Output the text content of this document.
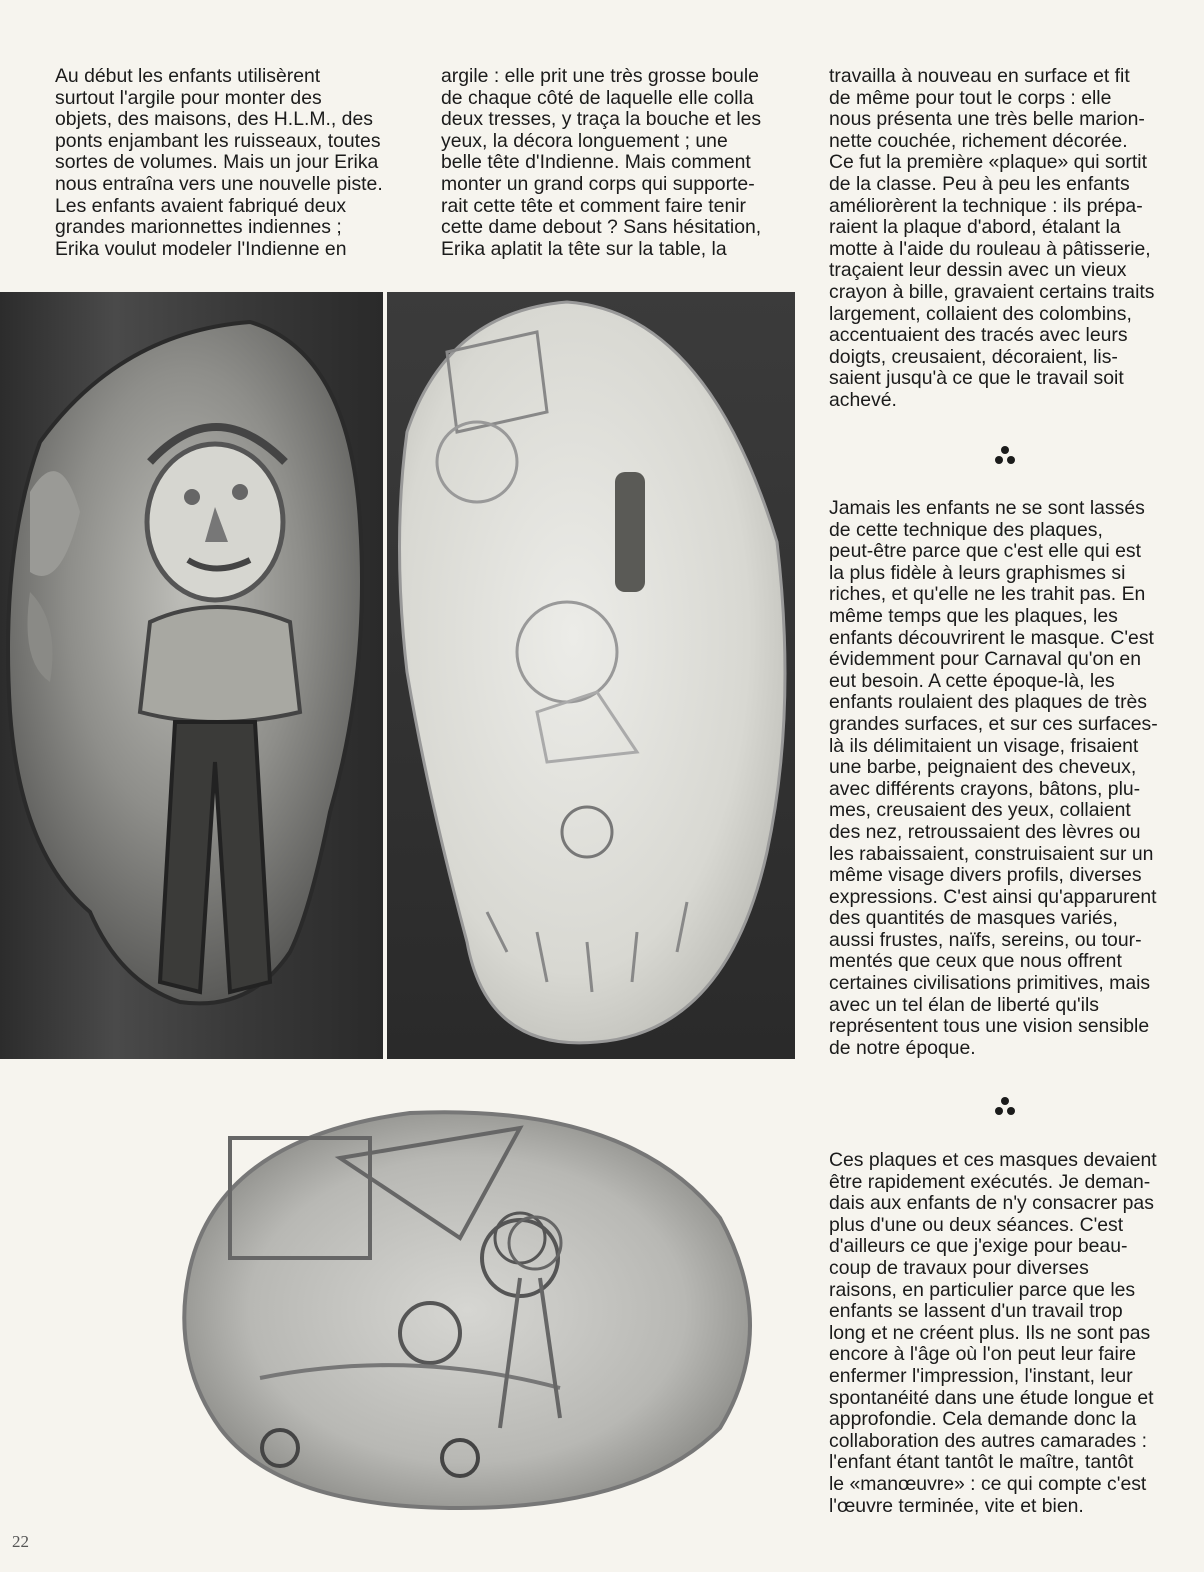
Au début les enfants utilisèrent
surtout l'argile pour monter des
objets, des maisons, des H.L.M., des
ponts enjambant les ruisseaux, toutes
sortes de volumes. Mais un jour Erika
nous entraîna vers une nouvelle piste.
Les enfants avaient fabriqué deux
grandes marionnettes indiennes ;
Erika voulut modeler l'Indienne en

argile : elle prit une très grosse boule
de chaque côté de laquelle elle colla
deux tresses, y traça la bouche et les
yeux, la décora longuement ; une
belle tête d'Indienne. Mais comment
monter un grand corps qui supporte-
rait cette tête et comment faire tenir
cette dame debout ? Sans hésitation,
Erika aplatit la tête sur la table, la

travailla à nouveau en surface et fit
de même pour tout le corps : elle
nous présenta une très belle marion-
nette couchée, richement décorée.
Ce fut la première «plaque» qui sortit
de la classe. Peu à peu les enfants
améliorèrent la technique : ils prépa-
raient la plaque d'abord, étalant la
motte à l'aide du rouleau à pâtisserie,
traçaient leur dessin avec un vieux
crayon à bille, gravaient certains traits
largement, collaient des colombins,
accentuaient des tracés avec leurs
doigts, creusaient, décoraient, lis-
saient jusqu'à ce que le travail soit
achevé.

Jamais les enfants ne se sont lassés
de cette technique des plaques,
peut-être parce que c'est elle qui est
la plus fidèle à leurs graphismes si
riches, et qu'elle ne les trahit pas. En
même temps que les plaques, les
enfants découvrirent le masque. C'est
évidemment pour Carnaval qu'on en
eut besoin. A cette époque-là, les
enfants roulaient des plaques de très
grandes surfaces, et sur ces surfaces-
là ils délimitaient un visage, frisaient
une barbe, peignaient des cheveux,
avec différents crayons, bâtons, plu-
mes, creusaient des yeux, collaient
des nez, retroussaient des lèvres ou
les rabaissaient, construisaient sur un
même visage divers profils, diverses
expressions. C'est ainsi qu'apparurent
des quantités de masques variés,
aussi frustes, naïfs, sereins, ou tour-
mentés que ceux que nous offrent
certaines civilisations primitives, mais
avec un tel élan de liberté qu'ils
représentent tous une vision sensible
de notre époque.

Ces plaques et ces masques devaient
être rapidement exécutés. Je deman-
dais aux enfants de n'y consacrer pas
plus d'une ou deux séances. C'est
d'ailleurs ce que j'exige pour beau-
coup de travaux pour diverses
raisons, en particulier parce que les
enfants se lassent d'un travail trop
long et ne créent plus. Ils ne sont pas
encore à l'âge où l'on peut leur faire
enfermer l'impression, l'instant, leur
spontanéité dans une étude longue et
approfondie. Cela demande donc la
collaboration des autres camarades :
l'enfant étant tantôt le maître, tantôt
le «manœuvre» : ce qui compte c'est
l'œuvre terminée, vite et bien.

22
